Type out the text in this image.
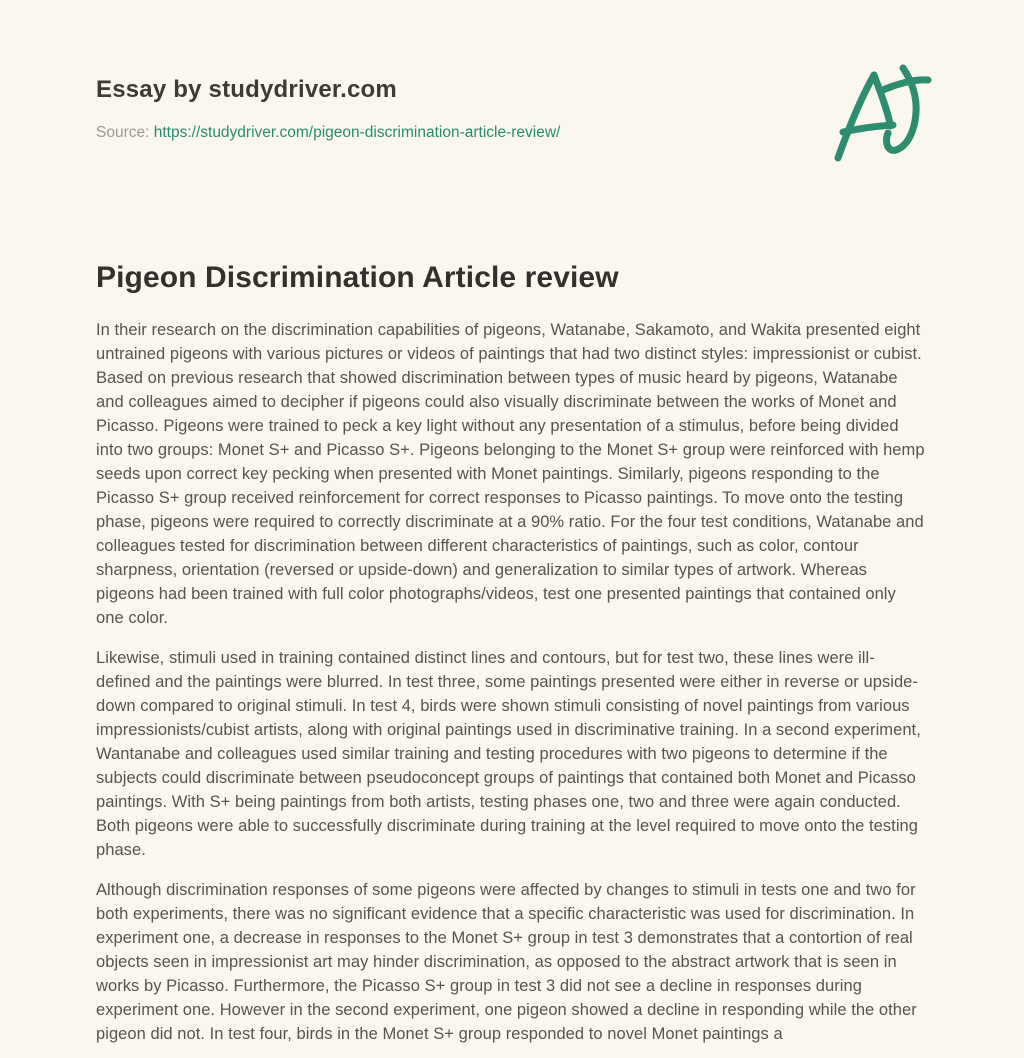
Essay by studydriver.com
Source: https://studydriver.com/pigeon-discrimination-article-review/
Pigeon Discrimination Article review

In their research on the discrimination capabilities of pigeons, Watanabe, Sakamoto, and Wakita presented eight untrained pigeons with various pictures or videos of paintings that had two distinct styles: impressionist or cubist. Based on previous research that showed discrimination between types of music heard by pigeons, Watanabe and colleagues aimed to decipher if pigeons could also visually discriminate between the works of Monet and Picasso. Pigeons were trained to peck a key light without any presentation of a stimulus, before being divided into two groups: Monet S+ and Picasso S+. Pigeons belonging to the Monet S+ group were reinforced with hemp seeds upon correct key pecking when presented with Monet paintings. Similarly, pigeons responding to the Picasso S+ group received reinforcement for correct responses to Picasso paintings. To move onto the testing phase, pigeons were required to correctly discriminate at a 90% ratio. For the four test conditions, Watanabe and colleagues tested for discrimination between different characteristics of paintings, such as color, contour sharpness, orientation (reversed or upside-down) and generalization to similar types of artwork. Whereas pigeons had been trained with full color photographs/videos, test one presented paintings that contained only one color.

Likewise, stimuli used in training contained distinct lines and contours, but for test two, these lines were ill-defined and the paintings were blurred. In test three, some paintings presented were either in reverse or upside-down compared to original stimuli. In test 4, birds were shown stimuli consisting of novel paintings from various impressionists/cubist artists, along with original paintings used in discriminative training. In a second experiment, Wantanabe and colleagues used similar training and testing procedures with two pigeons to determine if the subjects could discriminate between pseudoconcept groups of paintings that contained both Monet and Picasso paintings. With S+ being paintings from both artists, testing phases one, two and three were again conducted. Both pigeons were able to successfully discriminate during training at the level required to move onto the testing phase.

Although discrimination responses of some pigeons were affected by changes to stimuli in tests one and two for both experiments, there was no significant evidence that a specific characteristic was used for discrimination. In experiment one, a decrease in responses to the Monet S+ group in test 3 demonstrates that a contortion of real objects seen in impressionist art may hinder discrimination, as opposed to the abstract artwork that is seen in works by Picasso. Furthermore, the Picasso S+ group in test 3 did not see a decline in responses during experiment one. However in the second experiment, one pigeon showed a decline in responding while the other pigeon did not. In test four, birds in the Monet S+ group responded to novel Monet paintings a
